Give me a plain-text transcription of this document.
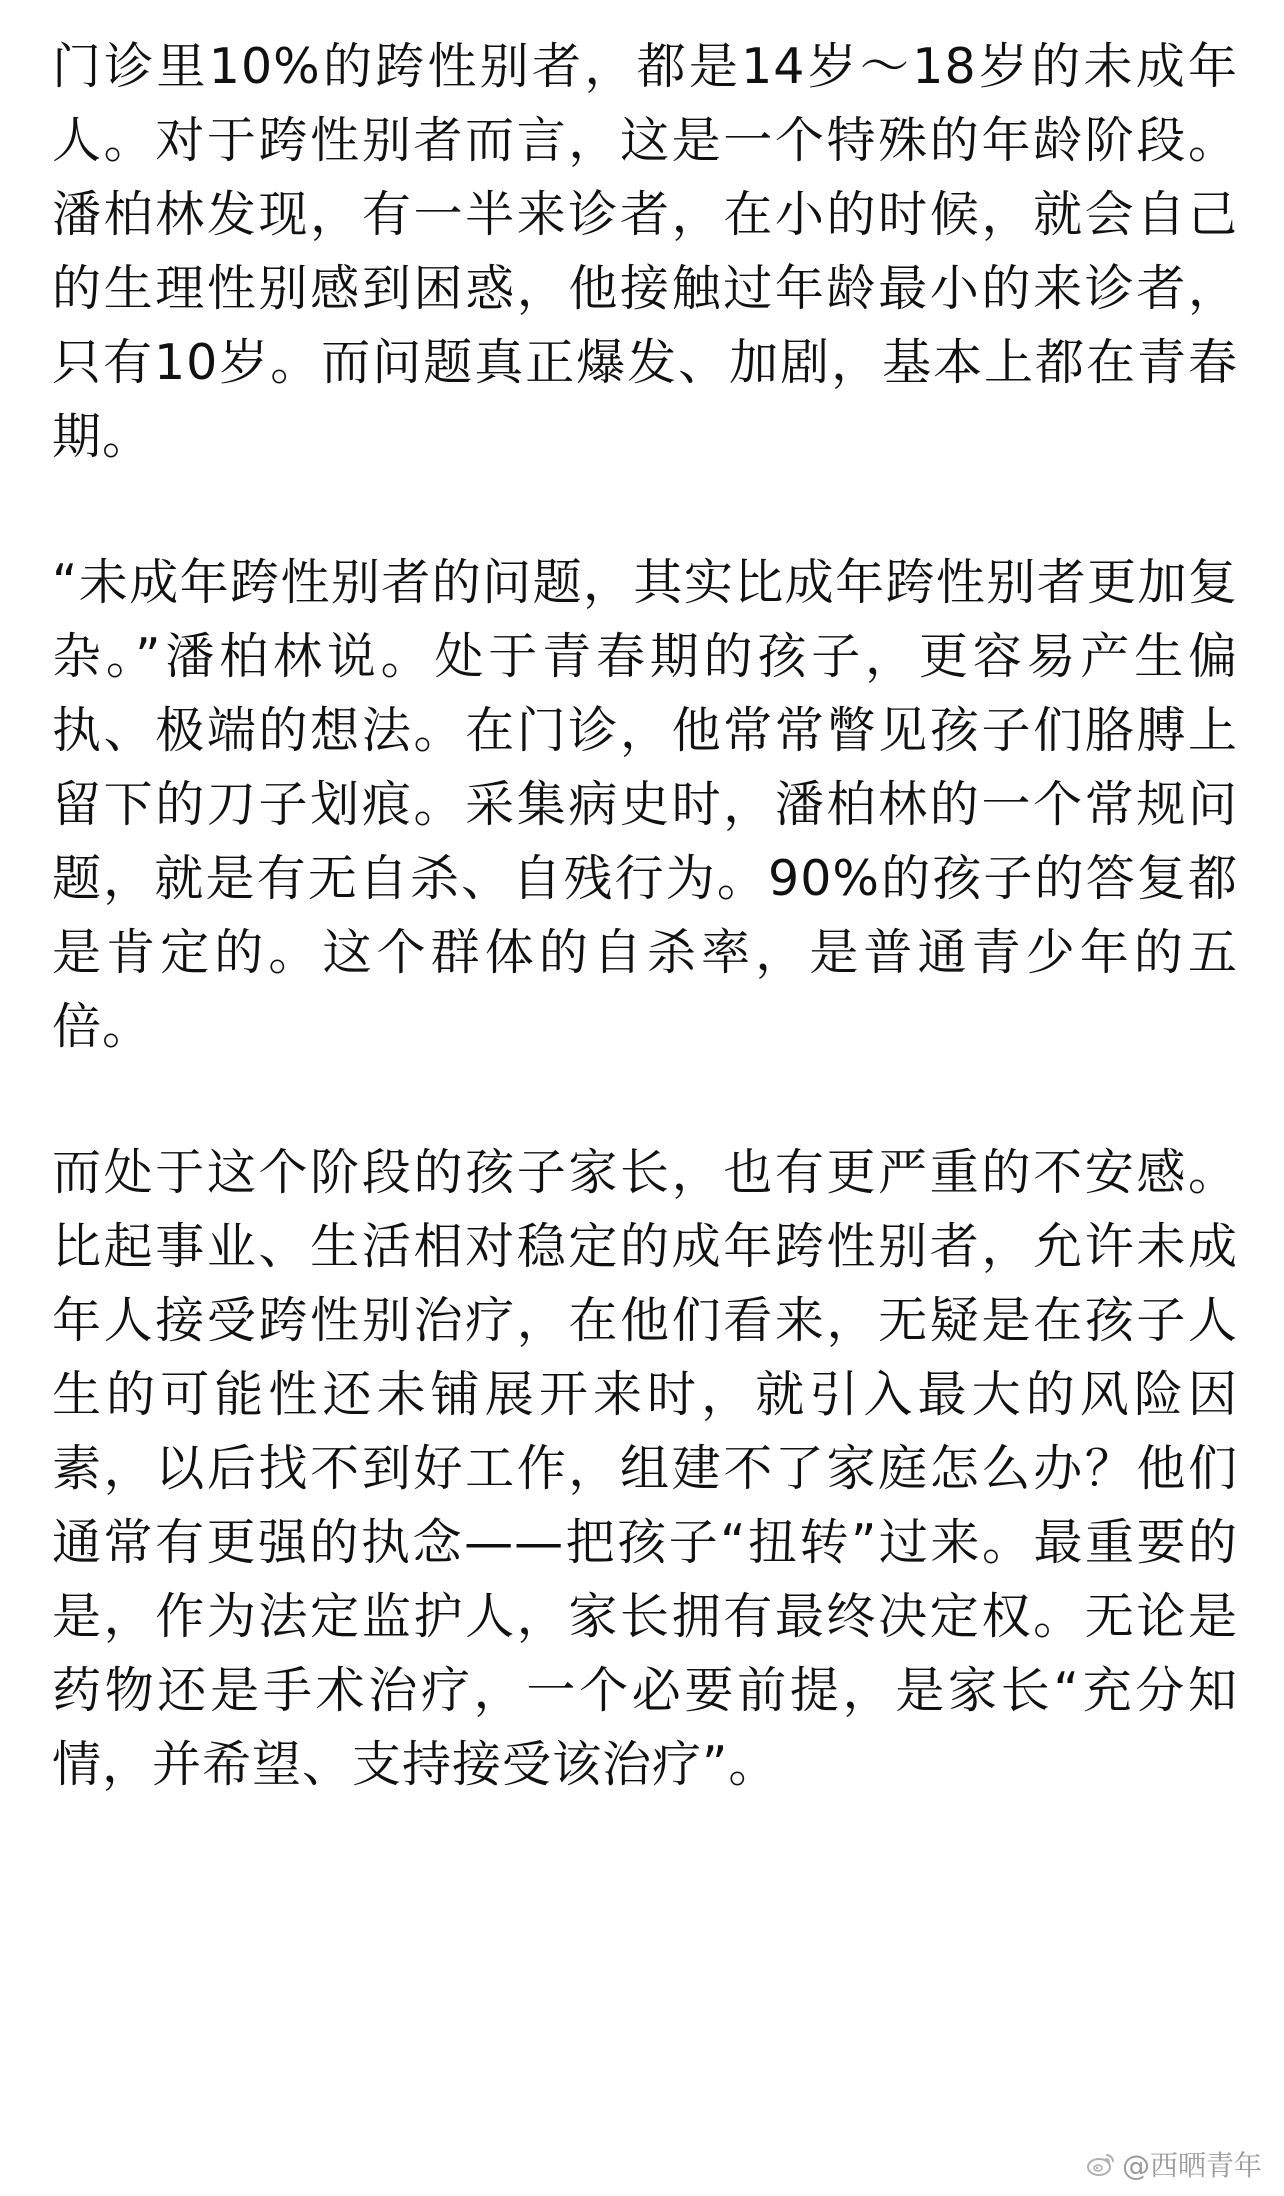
门诊里10%的跨性别者，都是14岁～18岁的未成年人。对于跨性别者而言，这是一个特殊的年龄阶段。潘柏林发现，有一半来诊者，在小的时候，就会自己的生理性别感到困惑，他接触过年龄最小的来诊者，只有10岁。而问题真正爆发、加剧，基本上都在青春期。

“未成年跨性别者的问题，其实比成年跨性别者更加复杂。”潘柏林说。处于青春期的孩子，更容易产生偏执、极端的想法。在门诊，他常常瞥见孩子们胳膊上留下的刀子划痕。采集病史时，潘柏林的一个常规问题，就是有无自杀、自残行为。90%的孩子的答复都是肯定的。这个群体的自杀率，是普通青少年的五倍。

而处于这个阶段的孩子家长，也有更严重的不安感。比起事业、生活相对稳定的成年跨性别者，允许未成年人接受跨性别治疗，在他们看来，无疑是在孩子人生的可能性还未铺展开来时，就引入最大的风险因素，以后找不到好工作，组建不了家庭怎么办？他们通常有更强的执念——把孩子“扭转”过来。最重要的是，作为法定监护人，家长拥有最终决定权。无论是药物还是手术治疗，一个必要前提，是家长“充分知情，并希望、支持接受该治疗”。

@西晒青年
